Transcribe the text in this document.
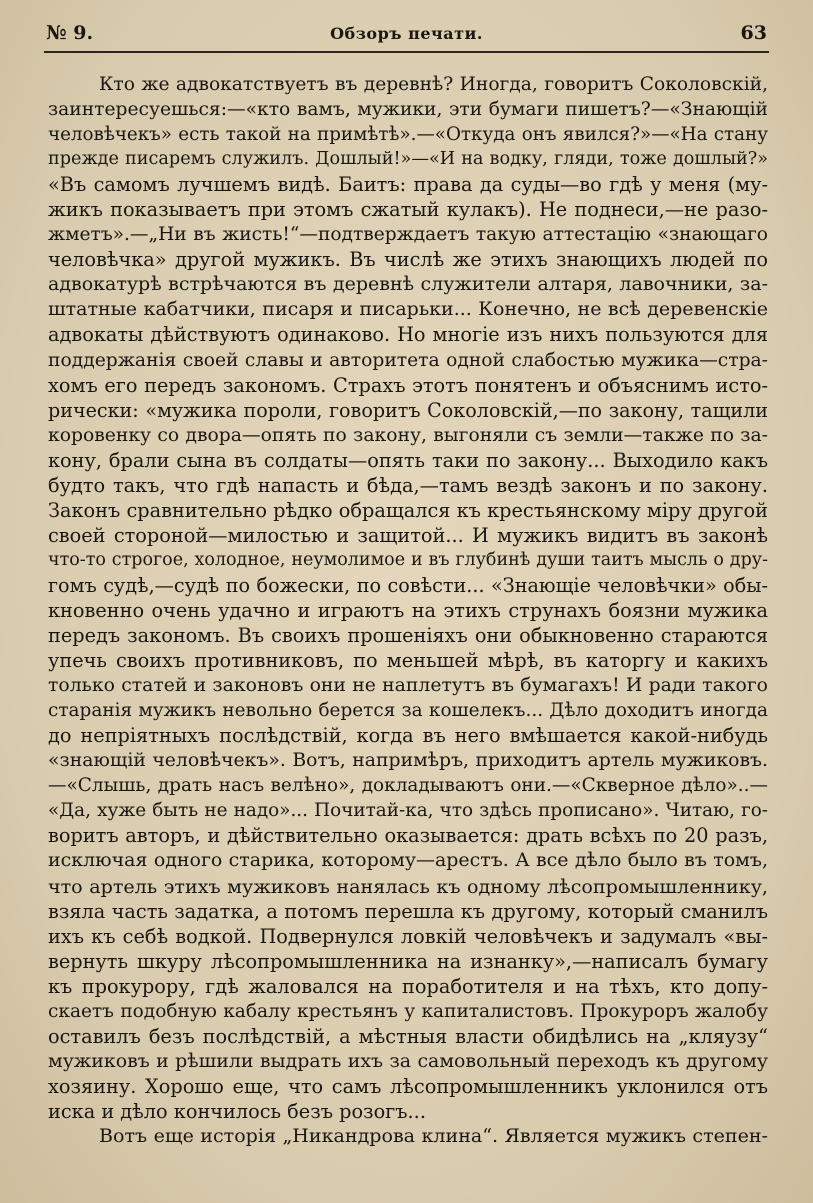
№ 9.	Обзоръ печати.	63
Кто же адвокатствуетъ въ деревнѣ? Иногда, говоритъ Соколовскій,
заинтересуешься:—«кто вамъ, мужики, эти бумаги пишетъ?—«Знающій
человѣчекъ» есть такой на примѣтѣ».—«Откуда онъ явился?»—«На стану
прежде писаремъ служилъ. Дошлый!»—«И на водку, гляди, тоже дошлый?»
«Въ самомъ лучшемъ видѣ. Баитъ: права да суды—во гдѣ у меня (му-
жикъ показываетъ при этомъ сжатый кулакъ). Не поднеси,—не разо-
жметъ».—„Ни въ жисть!“—подтверждаетъ такую аттестацію «знающаго
человѣчка» другой мужикъ. Въ числѣ же этихъ знающихъ людей по
адвокатурѣ встрѣчаются въ деревнѣ служители алтаря, лавочники, за-
штатные кабатчики, писаря и писарьки... Конечно, не всѣ деревенскіе
адвокаты дѣйствуютъ одинаково. Но многіе изъ нихъ пользуются для
поддержанія своей славы и авторитета одной слабостью мужика—стра-
хомъ его передъ закономъ. Страхъ этотъ понятенъ и объяснимъ исто-
рически: «мужика пороли, говоритъ Соколовскій,—по закону, тащили
коровенку со двора—опять по закону, выгоняли съ земли—также по за-
кону, брали сына въ солдаты—опять таки по закону... Выходило какъ
будто такъ, что гдѣ напасть и бѣда,—тамъ вездѣ законъ и по закону.
Законъ сравнительно рѣдко обращался къ крестьянскому міру другой
своей стороной—милостью и защитой... И мужикъ видитъ въ законѣ
что-то строгое, холодное, неумолимое и въ глубинѣ души таитъ мысль о дру-
гомъ судѣ,—судѣ по божески, по совѣсти... «Знающіе человѣчки» обы-
кновенно очень удачно и играютъ на этихъ струнахъ боязни мужика
передъ закономъ. Въ своихъ прошеніяхъ они обыкновенно стараются
упечь своихъ противниковъ, по меньшей мѣрѣ, въ каторгу и какихъ
только статей и законовъ они не наплетутъ въ бумагахъ! И ради такого
старанія мужикъ невольно берется за кошелекъ... Дѣло доходитъ иногда
до непріятныхъ послѣдствій, когда въ него вмѣшается какой-нибудь
«знающій человѣчекъ». Вотъ, напримѣръ, приходитъ артель мужиковъ.
—«Слышь, драть насъ велѣно», докладываютъ они.—«Скверное дѣло»..—
«Да, хуже быть не надо»... Почитай-ка, что здѣсь прописано». Читаю, го-
воритъ авторъ, и дѣйствительно оказывается: драть всѣхъ по 20 разъ,
исключая одного старика, которому—арестъ. А все дѣло было въ томъ,
что артель этихъ мужиковъ нанялась къ одному лѣсопромышленнику,
взяла часть задатка, а потомъ перешла къ другому, который сманилъ
ихъ къ себѣ водкой. Подвернулся ловкій человѣчекъ и задумалъ «вы-
вернуть шкуру лѣсопромышленника на изнанку»,—написалъ бумагу
къ прокурору, гдѣ жаловался на поработителя и на тѣхъ, кто допу-
скаетъ подобную кабалу крестьянъ у капиталистовъ. Прокуроръ жалобу
оставилъ безъ послѣдствій, а мѣстныя власти обидѣлись на „кляузу“
мужиковъ и рѣшили выдрать ихъ за самовольный переходъ къ другому
хозяину. Хорошо еще, что самъ лѣсопромышленникъ уклонился отъ
иска и дѣло кончилось безъ розогъ...
Вотъ еще исторія „Никандрова клина“. Является мужикъ степен-
